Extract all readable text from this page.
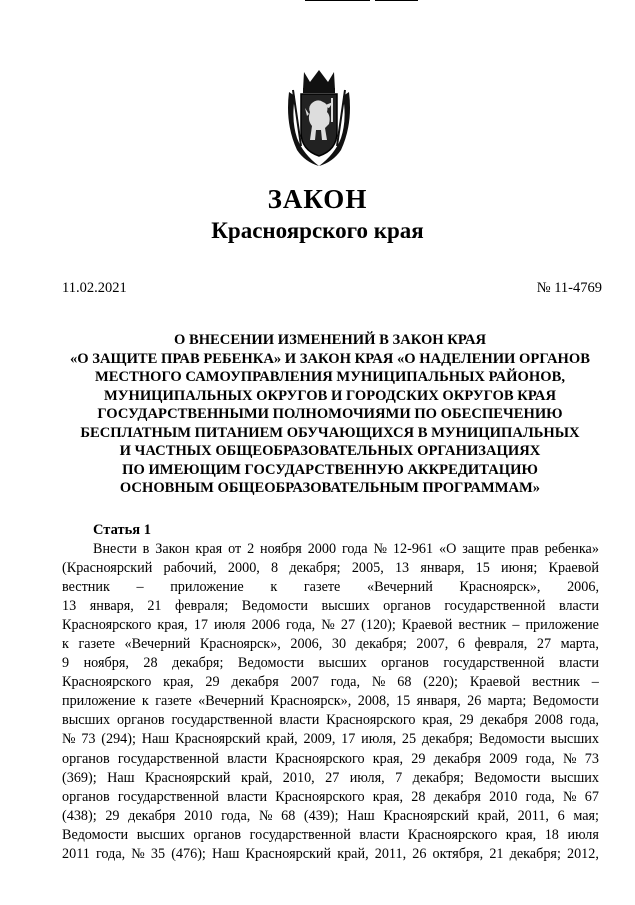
ЗАКОН
Красноярского края
11.02.2021	№ 11-4769
О ВНЕСЕНИИ ИЗМЕНЕНИЙ В ЗАКОН КРАЯ
«О ЗАЩИТЕ ПРАВ РЕБЕНКА» И ЗАКОН КРАЯ «О НАДЕЛЕНИИ ОРГАНОВ
МЕСТНОГО САМОУПРАВЛЕНИЯ МУНИЦИПАЛЬНЫХ РАЙОНОВ,
МУНИЦИПАЛЬНЫХ ОКРУГОВ И ГОРОДСКИХ ОКРУГОВ КРАЯ
ГОСУДАРСТВЕННЫМИ ПОЛНОМОЧИЯМИ ПО ОБЕСПЕЧЕНИЮ
БЕСПЛАТНЫМ ПИТАНИЕМ ОБУЧАЮЩИХСЯ В МУНИЦИПАЛЬНЫХ
И ЧАСТНЫХ ОБЩЕОБРАЗОВАТЕЛЬНЫХ ОРГАНИЗАЦИЯХ
ПО ИМЕЮЩИМ ГОСУДАРСТВЕННУЮ АККРЕДИТАЦИЮ
ОСНОВНЫМ ОБЩЕОБРАЗОВАТЕЛЬНЫМ ПРОГРАММАМ»
Статья 1
Внести в Закон края от 2 ноября 2000 года № 12-961 «О защите прав ребенка»
(Красноярский рабочий, 2000, 8 декабря; 2005, 13 января, 15 июня; Краевой
вестник – приложение к газете «Вечерний Красноярск», 2006,
13 января, 21 февраля; Ведомости высших органов государственной власти
Красноярского края, 17 июля 2006 года, № 27 (120); Краевой вестник – приложение
к газете «Вечерний Красноярск», 2006, 30 декабря; 2007, 6 февраля, 27 марта,
9 ноября, 28 декабря; Ведомости высших органов государственной власти
Красноярского края, 29 декабря 2007 года, № 68 (220); Краевой вестник –
приложение к газете «Вечерний Красноярск», 2008, 15 января, 26 марта; Ведомости
высших органов государственной власти Красноярского края, 29 декабря 2008 года,
№ 73 (294); Наш Красноярский край, 2009, 17 июля, 25 декабря; Ведомости высших
органов государственной власти Красноярского края, 29 декабря 2009 года, № 73
(369); Наш Красноярский край, 2010, 27 июля, 7 декабря; Ведомости высших
органов государственной власти Красноярского края, 28 декабря 2010 года, № 67
(438); 29 декабря 2010 года, № 68 (439); Наш Красноярский край, 2011, 6 мая;
Ведомости высших органов государственной власти Красноярского края, 18 июля
2011 года, № 35 (476); Наш Красноярский край, 2011, 26 октября, 21 декабря; 2012,
